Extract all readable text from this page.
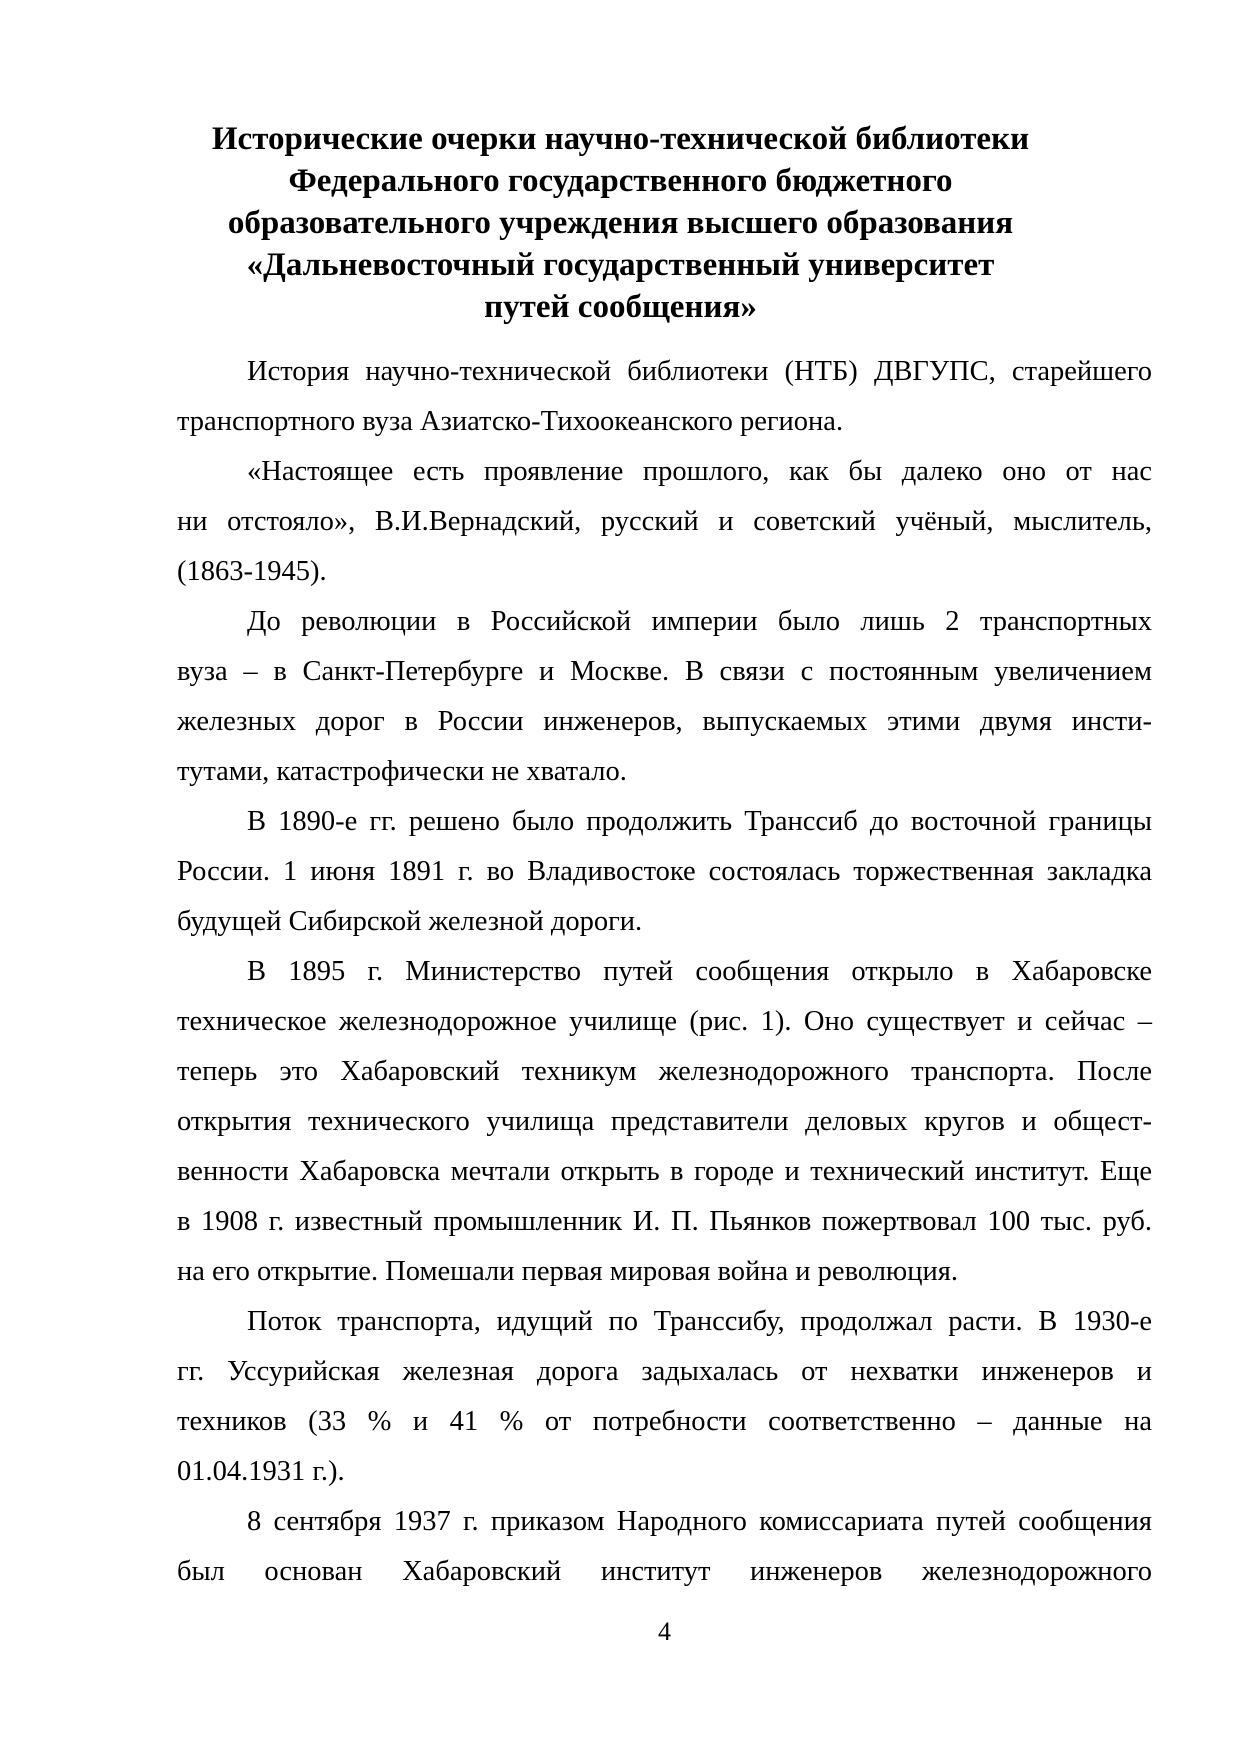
Исторические очерки научно-технической библиотеки
Федерального государственного бюджетного
образовательного учреждения высшего образования
«Дальневосточный государственный университет
путей сообщения»
История научно-технической библиотеки (НТБ) ДВГУПС, старейшего
транспортного вуза Азиатско-Тихоокеанского региона.
«Настоящее есть проявление прошлого, как бы далеко оно от нас
ни отстояло», В.И.Вернадский, русский и советский учёный, мыслитель,
(1863-1945).
До революции в Российской империи было лишь 2 транспортных
вуза – в Санкт-Петербурге и Москве. В связи с постоянным увеличением
железных дорог в России инженеров, выпускаемых этими двумя инсти-
тутами, катастрофически не хватало.
В 1890-е гг. решено было продолжить Транссиб до восточной границы
России. 1 июня 1891 г. во Владивостоке состоялась торжественная закладка
будущей Сибирской железной дороги.
В 1895 г. Министерство путей сообщения открыло в Хабаровске
техническое железнодорожное училище (рис. 1). Оно существует и сейчас –
теперь это Хабаровский техникум железнодорожного транспорта. После
открытия технического училища представители деловых кругов и общест-
венности Хабаровска мечтали открыть в городе и технический институт. Еще
в 1908 г. известный промышленник И. П. Пьянков пожертвовал 100 тыс. руб.
на его открытие. Помешали первая мировая война и революция.
Поток транспорта, идущий по Транссибу, продолжал расти. В 1930-е
гг. Уссурийская железная дорога задыхалась от нехватки инженеров и
техников (33 % и 41 % от потребности соответственно – данные на
01.04.1931 г.).
8 сентября 1937 г. приказом Народного комиссариата путей сообщения
был основан Хабаровский институт инженеров железнодорожного
4
